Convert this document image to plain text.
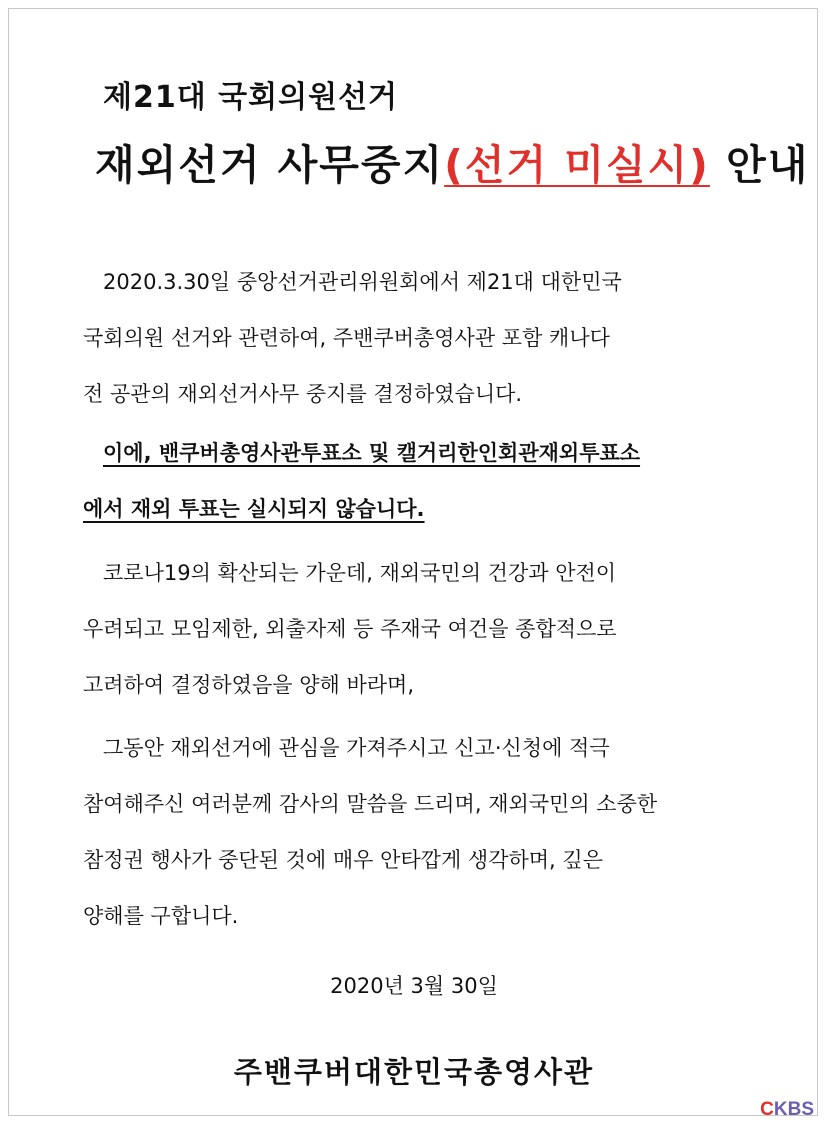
제21대 국회의원선거
재외선거 사무중지(선거 미실시) 안내
2020.3.30일 중앙선거관리위원회에서 제21대 대한민국
국회의원 선거와 관련하여, 주밴쿠버총영사관 포함 캐나다
전 공관의 재외선거사무 중지를 결정하였습니다.
이에, 밴쿠버총영사관투표소 및 캘거리한인회관재외투표소
에서 재외 투표는 실시되지 않습니다.
코로나19의 확산되는 가운데, 재외국민의 건강과 안전이
우려되고 모임제한, 외출자제 등 주재국 여건을 종합적으로
고려하여 결정하였음을 양해 바라며,
그동안 재외선거에 관심을 가져주시고 신고·신청에 적극
참여해주신 여러분께 감사의 말씀을 드리며, 재외국민의 소중한
참정권 행사가 중단된 것에 매우 안타깝게 생각하며, 깊은
양해를 구합니다.
2020년 3월 30일
주밴쿠버대한민국총영사관
CKBS
